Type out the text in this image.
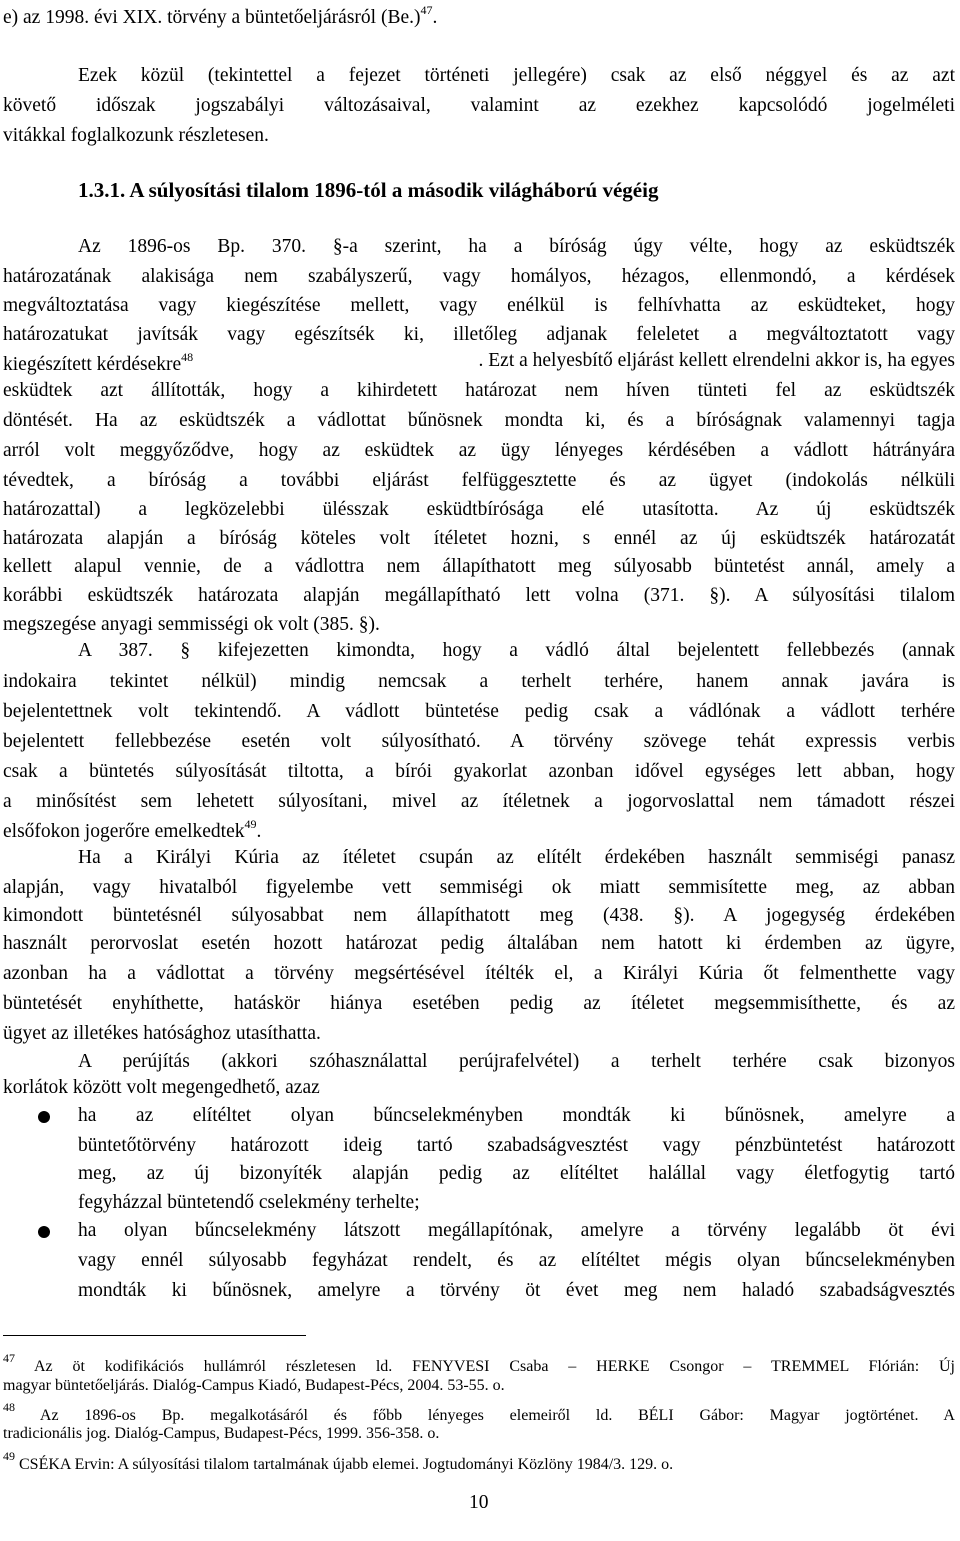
e) az 1998. évi XIX. törvény a büntetőeljárásról $(Be.)^{47}$.
Ezek közül (tekintettel a fejezet történeti jellegére) csak az első néggyel és az azt
követő időszak jogszabályi változásaival, valamint az ezekhez kapcsolódó jogelméleti
vitákkal foglalkozunk részletesen.
1.3.1. A súlyosítási tilalom 1896-tól a második világháború végéig
Az 1896-os Bp. 370. §-a szerint, ha a bíróság úgy vélte, hogy az esküdtszék
határozatának alakisága nem szabályszerű, vagy homályos, hézagos, ellenmondó, a kérdések
megváltoztatása vagy kiegészítése mellett, vagy enélkül is felhívhatta az esküdteket, hogy
határozatukat javítsák vagy egészítsék ki, illetőleg adjanak feleletet a megváltoztatott vagy
kiegészített kérdésekre$^{48}$	. Ezt a helyesbítő eljárást kellett elrendelni akkor is, ha egyes
esküdtek azt állították, hogy a kihirdetett határozat nem híven tünteti fel az esküdtszék
döntését. Ha az esküdtszék a vádlottat bűnösnek mondta ki, és a bíróságnak valamennyi tagja
arról volt meggyőződve, hogy az esküdtek az ügy lényeges kérdésében a vádlott hátrányára
tévedtek, a bíróság a további eljárást felfüggesztette és az ügyet (indokolás nélküli
határozattal) a legközelebbi ülésszak esküdtbírósága elé utasította. Az új esküdtszék
határozata alapján a bíróság köteles volt ítéletet hozni, s ennél az új esküdtszék határozatát
kellett alapul vennie, de a vádlottra nem állapíthatott meg súlyosabb büntetést annál, amely a
korábbi esküdtszék határozata alapján megállapítható lett volna (371. §). A súlyosítási tilalom
megszegése anyagi semmisségi ok volt (385. §).
A 387. § kifejezetten kimondta, hogy a vádló által bejelentett fellebbezés (annak
indokaira tekintet nélkül) mindig nemcsak a terhelt terhére, hanem annak javára is
bejelentettnek volt tekintendő. A vádlott büntetése pedig csak a vádlónak a vádlott terhére
bejelentett fellebbezése esetén volt súlyosítható. A törvény szövege tehát expressis verbis
csak a büntetés súlyosítását tiltotta, a bírói gyakorlat azonban idővel egységes lett abban, hogy
a minősítést sem lehetett súlyosítani, mivel az ítéletnek a jogorvoslattal nem támadott részei
elsőfokon jogerőre emelkedtek$^{49}$.
Ha a Királyi Kúria az ítéletet csupán az elítélt érdekében használt semmiségi panasz
alapján, vagy hivatalból figyelembe vett semmiségi ok miatt semmisítette meg, az abban
kimondott büntetésnél súlyosabbat nem állapíthatott meg (438. §). A jogegység érdekében
használt perorvoslat esetén hozott határozat pedig általában nem hatott ki érdemben az ügyre,
azonban ha a vádlottat a törvény megsértésével ítélték el, a Királyi Kúria őt felmenthette vagy
büntetését enyhíthette, hatáskör hiánya esetében pedig az ítéletet megsemmisíthette, és az
ügyet az illetékes hatósághoz utasíthatta.
A perújítás (akkori szóhasználattal perújrafelvétel) a terhelt terhére csak bizonyos
korlátok között volt megengedhető, azaz
ha az elítéltet olyan bűncselekményben mondták ki bűnösnek, amelyre a
büntetőtörvény határozott ideig tartó szabadságvesztést vagy pénzbüntetést határozott
meg, az új bizonyíték alapján pedig az elítéltet halállal vagy életfogytig tartó
fegyházzal büntetendő cselekmény terhelte;
ha olyan bűncselekmény látszott megállapítónak, amelyre a törvény legalább öt évi
vagy ennél súlyosabb fegyházat rendelt, és az elítéltet mégis olyan bűncselekményben
mondták ki bűnösnek, amelyre a törvény öt évet meg nem haladó szabadságvesztés
$^{47}$ Az öt kodifikációs hullámról részletesen ld. FENYVESI Csaba – HERKE Csongor – TREMMEL Flórián: Új
magyar büntetőeljárás. Dialóg-Campus Kiadó, Budapest-Pécs, 2004. 53-55. o.
$^{48}$ Az 1896-os Bp. megalkotásáról és főbb lényeges elemeiről ld. BÉLI Gábor: Magyar jogtörténet. A
tradicionális jog. Dialóg-Campus, Budapest-Pécs, 1999. 356-358. o.
$^{49}$ CSÉKA Ervin: A súlyosítási tilalom tartalmának újabb elemei. Jogtudományi Közlöny 1984/3. 129. o.
10
